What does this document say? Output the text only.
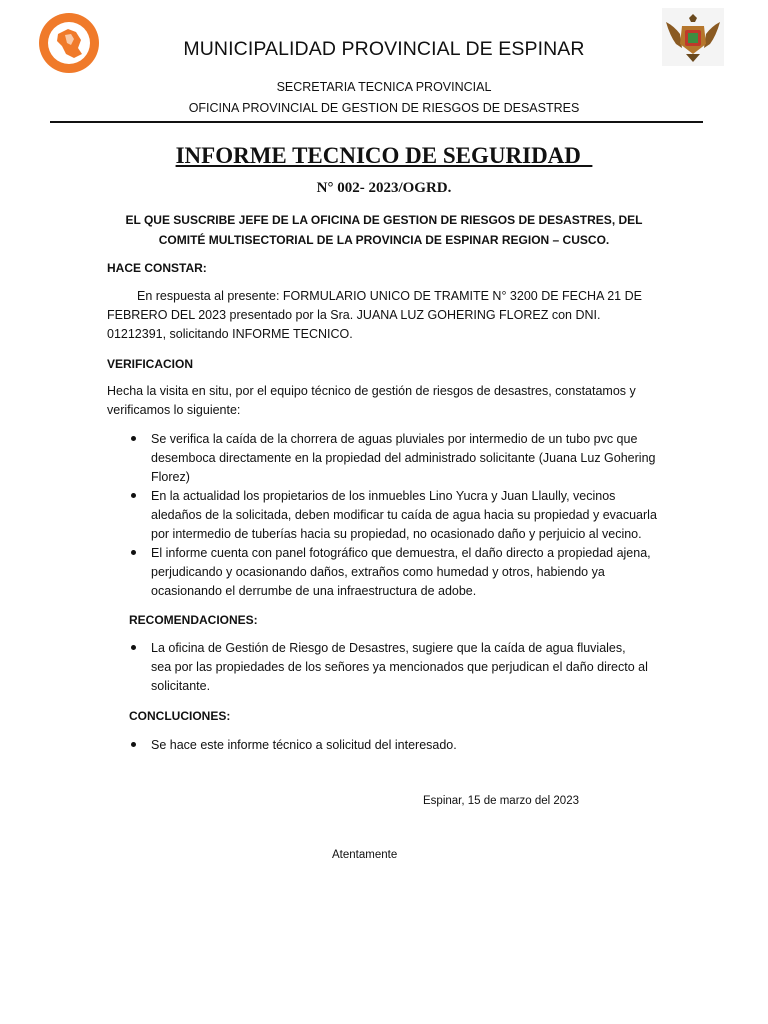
MUNICIPALIDAD PROVINCIAL DE ESPINAR
SECRETARIA TECNICA PROVINCIAL
OFICINA PROVINCIAL DE GESTION DE RIESGOS DE DESASTRES
INFORME TECNICO DE SEGURIDAD
N° 002- 2023/OGRD.
EL QUE SUSCRIBE JEFE DE LA OFICINA DE GESTION DE RIESGOS DE DESASTRES, DEL COMITÉ MULTISECTORIAL DE LA PROVINCIA DE ESPINAR REGION – CUSCO.
HACE CONSTAR:
En respuesta al presente: FORMULARIO UNICO DE TRAMITE N° 3200 DE FECHA 21 DE FEBRERO DEL 2023 presentado por la Sra. JUANA LUZ GOHERING FLOREZ con DNI. 01212391, solicitando INFORME TECNICO.
VERIFICACION
Hecha la visita en situ, por el equipo técnico de gestión de riesgos de desastres, constatamos y verificamos lo siguiente:
Se verifica la caída de la chorrera de aguas pluviales por intermedio de un tubo pvc que desemboca directamente en la propiedad del administrado solicitante (Juana Luz Gohering Florez)
En la actualidad los propietarios de los inmuebles Lino Yucra y Juan Llaully, vecinos aledaños de la solicitada, deben modificar tu caída de agua hacia su propiedad y evacuarla por intermedio de tuberías hacia su propiedad, no ocasionado daño y perjuicio al vecino.
El informe cuenta con panel fotográfico que demuestra, el daño directo a propiedad ajena, perjudicando y ocasionando daños, extraños como humedad y otros, habiendo ya ocasionando el derrumbe de una infraestructura de adobe.
RECOMENDACIONES:
La oficina de Gestión de Riesgo de Desastres, sugiere que la caída de agua fluviales, sea por las propiedades de los señores ya mencionados que perjudican el daño directo al solicitante.
CONCLUCIONES:
Se hace este informe técnico a solicitud del interesado.
Espinar, 15 de marzo del 2023
Atentamente
